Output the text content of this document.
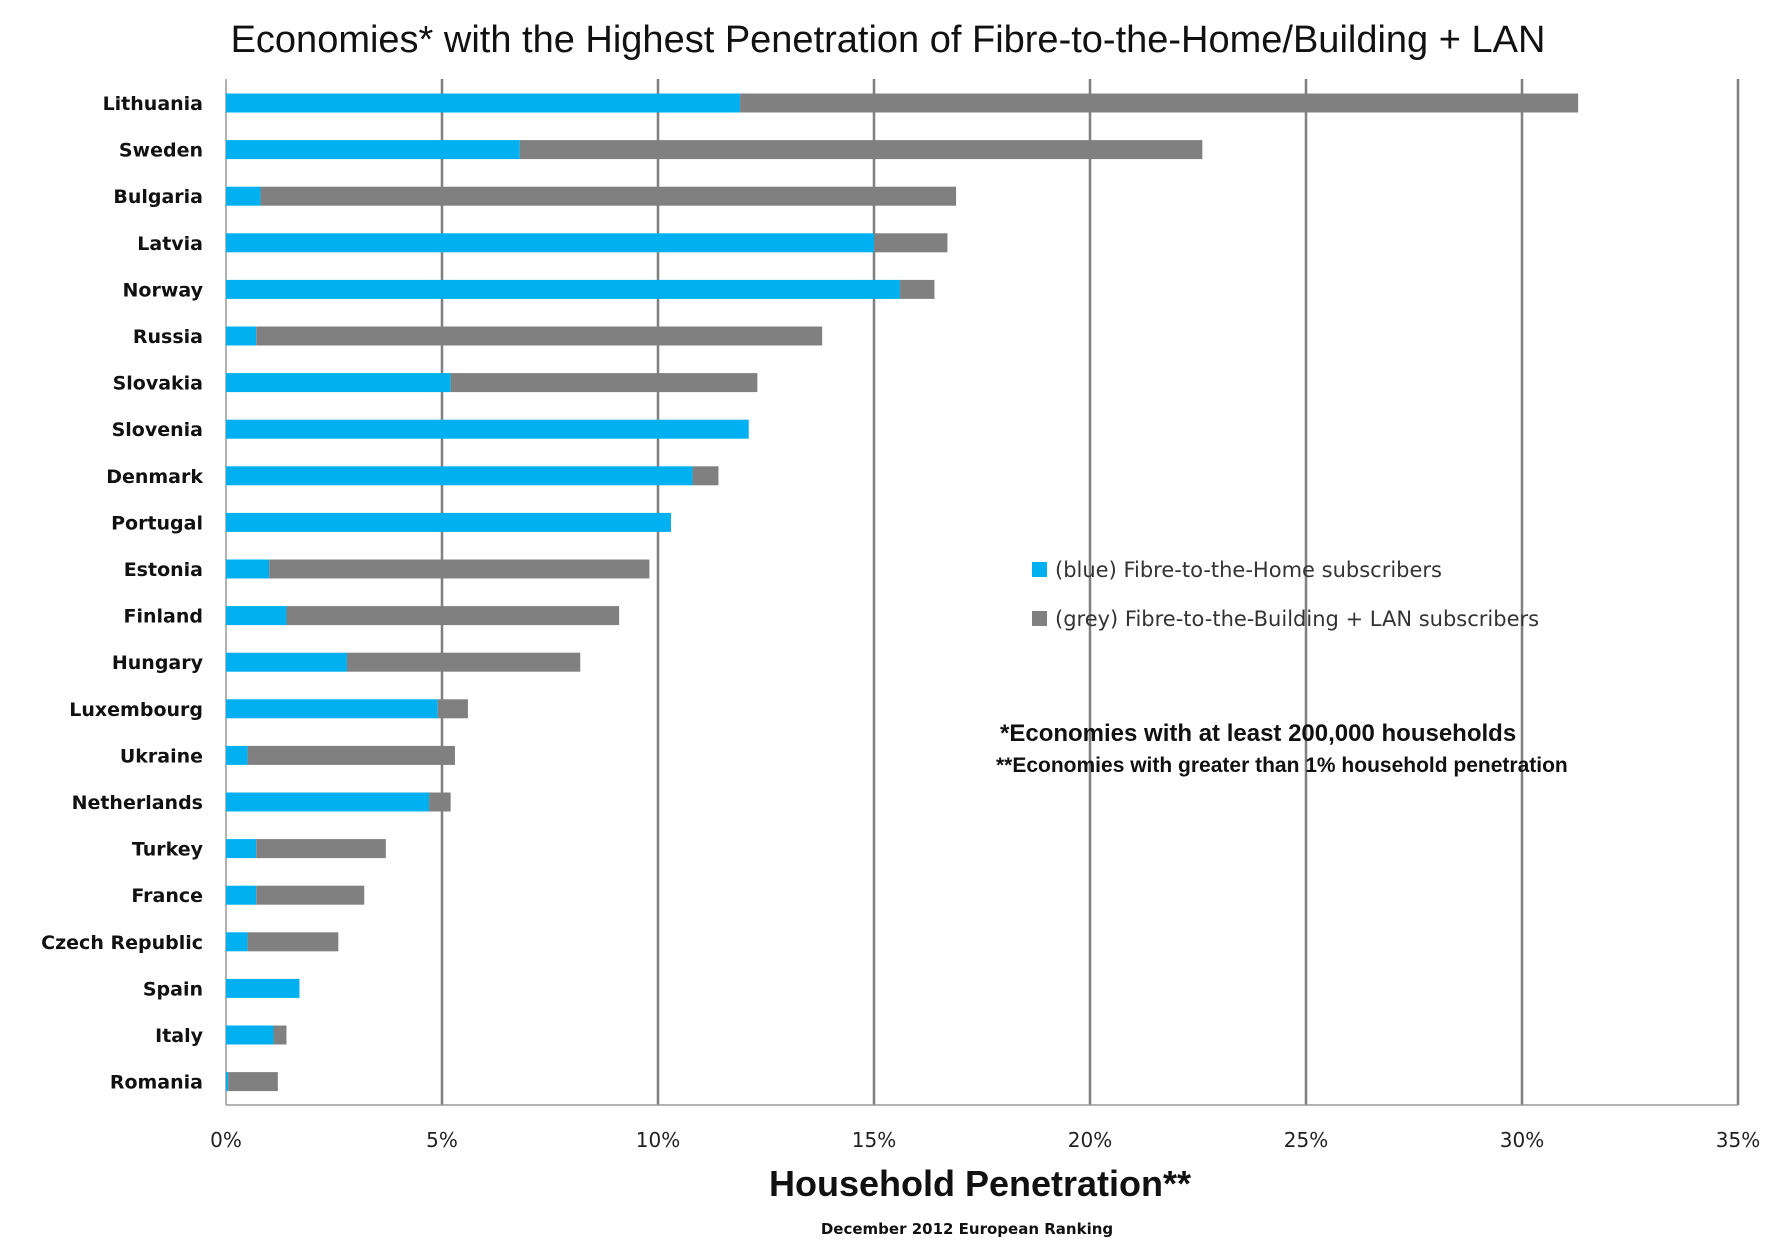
Lithuania
Sweden
Bulgaria
Latvia
Norway
Russia
Slovakia
Slovenia
Denmark
Portugal
Estonia
Finland
Hungary
Luxembourg
Ukraine
Netherlands
Turkey
France
Czech Republic
Spain
Italy
Romania
0%	5%	10%	15%	20%	25%	30%	35%
Economies* with the Highest Penetration of Fibre-to-the-Home/Building + LAN
Household Penetration**
December 2012 European Ranking
(blue) Fibre-to-the-Home subscribers
(grey) Fibre-to-the-Building + LAN subscribers
*Economies with at least 200,000 households
**Economies with greater than 1% household penetration
